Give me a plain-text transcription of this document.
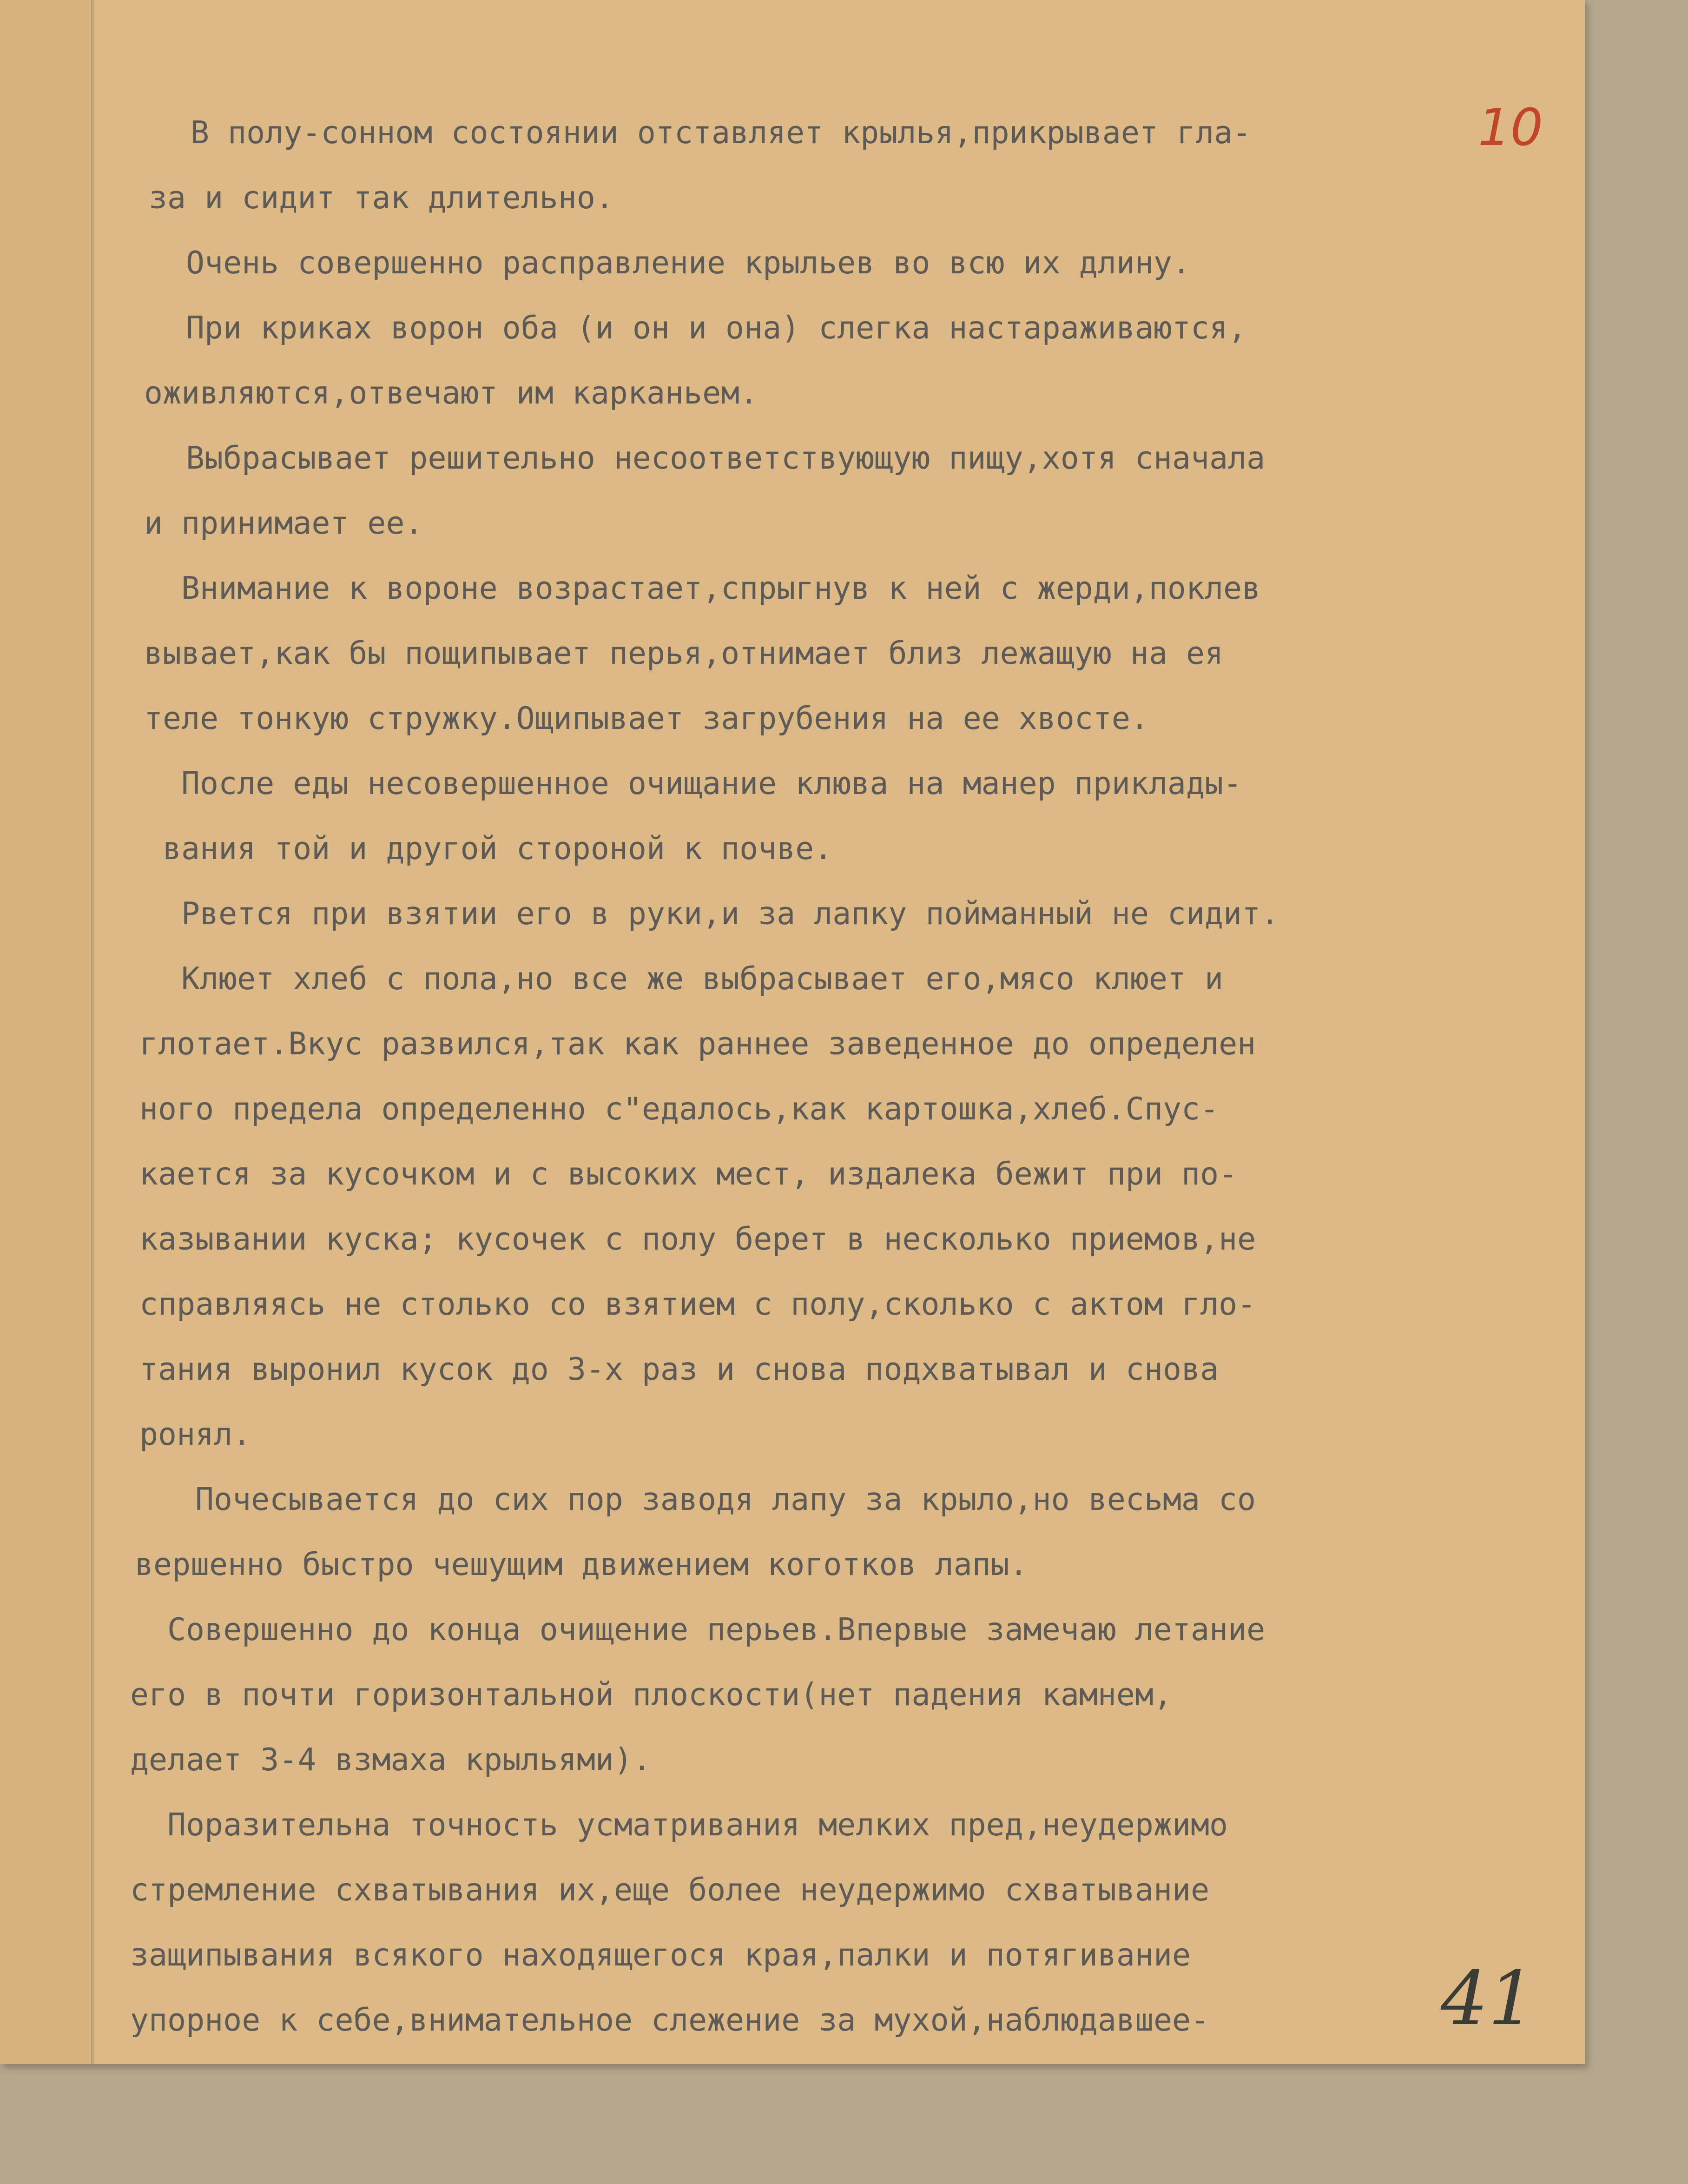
10
В полу-сонном состоянии отставляет крылья,прикрывает гла-
за и сидит так длительно.
Очень совершенно расправление крыльев во всю их длину.
При криках ворон оба (и он и она) слегка настараживаются,
оживляются,отвечают им карканьем.
Выбрасывает решительно несоответствующую пищу,хотя сначала
и принимает ее.
Внимание к вороне возрастает,спрыгнув к ней с жерди,поклев
вывает,как бы пощипывает перья,отнимает близ лежащую на ея
теле тонкую стружку.Ощипывает загрубения на ее хвосте.
После еды несовершенное очищание клюва на манер приклады-
вания той и другой стороной к почве.
Рвется при взятии его в руки,и за лапку пойманный не сидит.
Клюет хлеб с пола,но все же выбрасывает его,мясо клюет и
глотает.Вкус развился,так как раннее заведенное до определен
ного предела определенно с"едалось,как картошка,хлеб.Спус-
кается за кусочком и с высоких мест, издалека бежит при по-
казывании куска; кусочек с полу берет в несколько приемов,не
справляясь не столько со взятием с полу,сколько с актом гло-
тания выронил кусок до 3-х раз и снова подхватывал и снова
ронял.
Почесывается до сих пор заводя лапу за крыло,но весьма со
вершенно быстро чешущим движением коготков лапы.
Совершенно до конца очищение перьев.Впервые замечаю летание
его в почти горизонтальной плоскости(нет падения камнем,
делает 3-4 взмаха крыльями).
Поразительна точность усматривания мелких пред,неудержимо
стремление схватывания их,еще более неудержимо схватывание
защипывания всякого находящегося края,палки и потягивание
упорное к себе,внимательное слежение за мухой,наблюдавшее-	41
